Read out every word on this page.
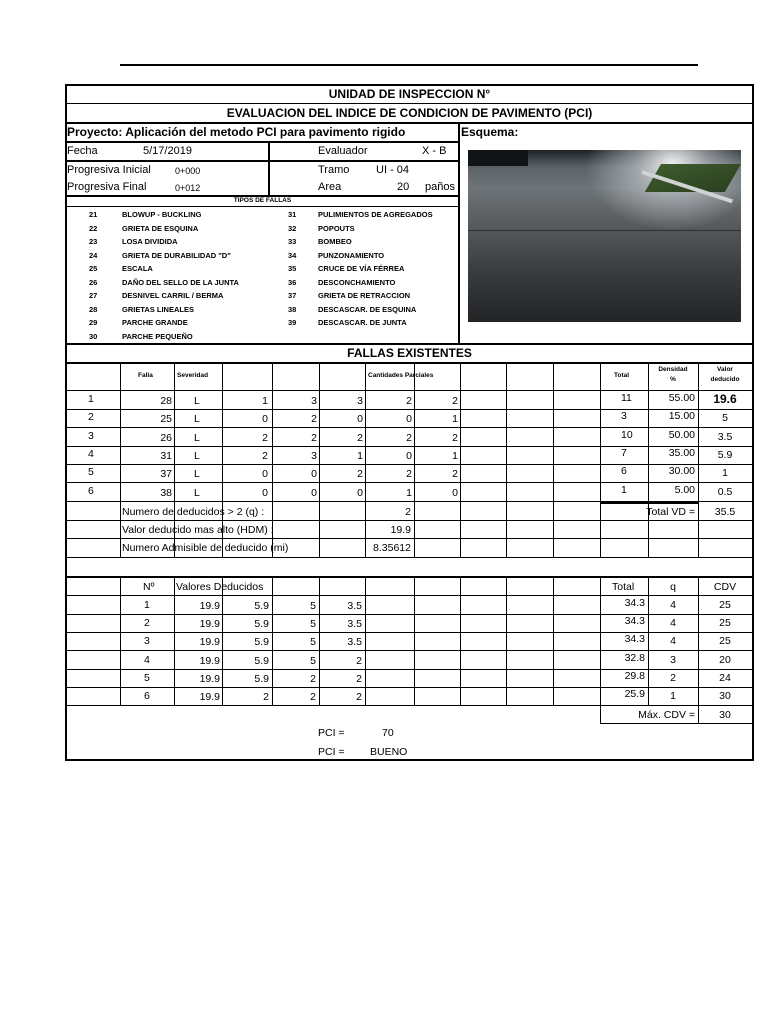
UNIDAD DE INSPECCION N°
EVALUACION DEL INDICE DE CONDICION DE PAVIMENTO (PCI)
Proyecto: Aplicación del metodo PCI para pavimento rigido	Esquema:
Fecha	5/17/2019	Evaluador	X - B
Progresiva Inicial	0+000	Tramo UI - 04
Progresiva Final	0+012	Area	20 paños
TIPOS DE FALLAS
21	BLOWUP - BUCKLING
22	GRIETA DE ESQUINA
23	LOSA DIVIDIDA
24	GRIETA DE DURABILIDAD "D"
25	ESCALA
26	DAÑO DEL SELLO DE LA JUNTA
27	DESNIVEL CARRIL / BERMA
28	GRIETAS LINEALES
29	PARCHE GRANDE
30	PARCHE PEQUEÑO
31	PULIMIENTOS DE AGREGADOS
32	POPOUTS
33	BOMBEO
34	PUNZONAMIENTO
35	CRUCE DE VÍA FÉRREA
36	DESCONCHAMIENTO
37	GRIETA DE RETRACCION
38	DESCASCAR. DE ESQUINA
39	DESCASCAR. DE JUNTA
FALLAS EXISTENTES
Falla	Severidad	Cantidades Parciales	Total
Densidad
%
Valor
deducido
1	28 L	1	3	3	2	2	11	55.00	19.6
2	25 L	0	2	0	0	1	3	15.00	5
3	26 L	2	2	2	2	2	10	50.00	3.5
4	31 L	2	3	1	0	1	7	35.00	5.9
5	37 L	0	0	2	2	2	6	30.00	1
6	38 L	0	0	0	1	0	1	5.00	0.5
Numero de deducidos > 2 (q) :	2	Total VD =	35.5
Valor deducido mas alto (HDM) :	19.9
Numero Admisible de deducido (mi)	8.35612
Nº Valores Deducidos	Total	q	CDV
1	19.9	5.9	5	3.5	34.3	4	25
2	19.9	5.9	5	3.5	34.3	4	25
3	19.9	5.9	5	3.5	34.3	4	25
4	19.9	5.9	5	2	32.8	3	20
5	19.9	5.9	2	2	29.8	2	24
6	19.9	2	2	2	25.9	1	30
Máx. CDV =	30
PCI =	70
PCI = BUENO
